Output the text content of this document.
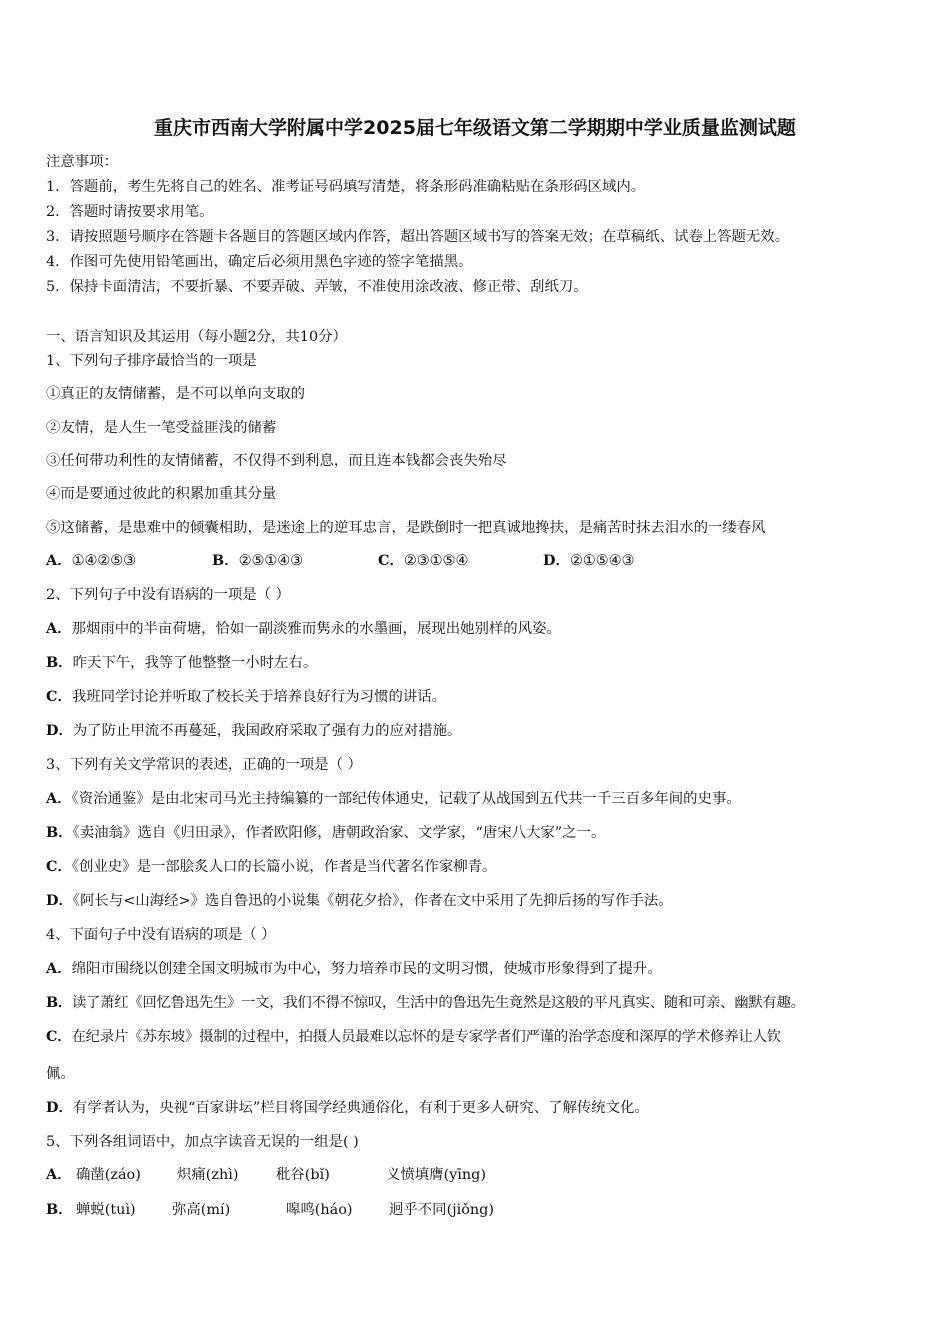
重庆市西南大学附属中学2025届七年级语文第二学期期中学业质量监测试题
注意事项：
1．答题前，考生先将自己的姓名、准考证号码填写清楚，将条形码准确粘贴在条形码区域内。
2．答题时请按要求用笔。
3．请按照题号顺序在答题卡各题目的答题区域内作答，超出答题区域书写的答案无效；在草稿纸、试卷上答题无效。
4．作图可先使用铅笔画出，确定后必须用黑色字迹的签字笔描黑。
5．保持卡面清洁，不要折暴、不要弄破、弄皱，不准使用涂改液、修正带、刮纸刀。
一、语言知识及其运用（每小题2分，共10分）
1、下列句子排序最恰当的一项是
①真正的友情储蓄，是不可以单向支取的
②友情，是人生一笔受益匪浅的储蓄
③任何带功利性的友情储蓄，不仅得不到利息，而且连本钱都会丧失殆尽
④而是要通过彼此的积累加重其分量
⑤这储蓄，是患难中的倾囊相助，是迷途上的逆耳忠言，是跌倒时一把真诚地搀扶，是痛苦时抹去泪水的一缕春风
A．①④②⑤③	B．②⑤①④③	C．②③①⑤④	D．②①⑤④③
2、下列句子中没有语病的一项是（ ）
A．那烟雨中的半亩荷塘，恰如一副淡雅而隽永的水墨画，展现出她别样的风姿。
B．昨天下午，我等了他整整一小时左右。
C．我班同学讨论并听取了校长关于培养良好行为习惯的讲话。
D．为了防止甲流不再蔓延，我国政府采取了强有力的应对措施。
3、下列有关文学常识的表述，正确的一项是（ ）
A．《资治通鉴》是由北宋司马光主持编纂的一部纪传体通史，记载了从战国到五代共一千三百多年间的史事。
B．《卖油翁》选自《归田录》，作者欧阳修，唐朝政治家、文学家，“唐宋八大家”之一。
C．《创业史》是一部脍炙人口的长篇小说，作者是当代著名作家柳青。
D．《阿长与<山海经>》选自鲁迅的小说集《朝花夕拾》，作者在文中采用了先抑后扬的写作手法。
4、下面句子中没有语病的项是（ ）
A．绵阳市围绕以创建全国文明城市为中心，努力培养市民的文明习惯，使城市形象得到了提升。
B．读了萧红《回忆鲁迅先生》一文，我们不得不惊叹，生活中的鲁迅先生竟然是这般的平凡真实、随和可亲、幽默有趣。
C．在纪录片《苏东坡》摄制的过程中，拍摄人员最难以忘怀的是专家学者们严谨的治学态度和深厚的学术修养让人钦
佩。
D．有学者认为，央视“百家讲坛”栏目将国学经典通俗化，有利于更多人研究、了解传统文化。
5、下列各组词语中，加点字读音无误的一组是( )
A． 确凿(záo)	炽痛(zhì)	秕谷(bǐ)	义愤填膺(yīng)
B． 蝉蜕(tuì)	弥高(mí)	嗥鸣(háo)	迥乎不同(jiǒng)
